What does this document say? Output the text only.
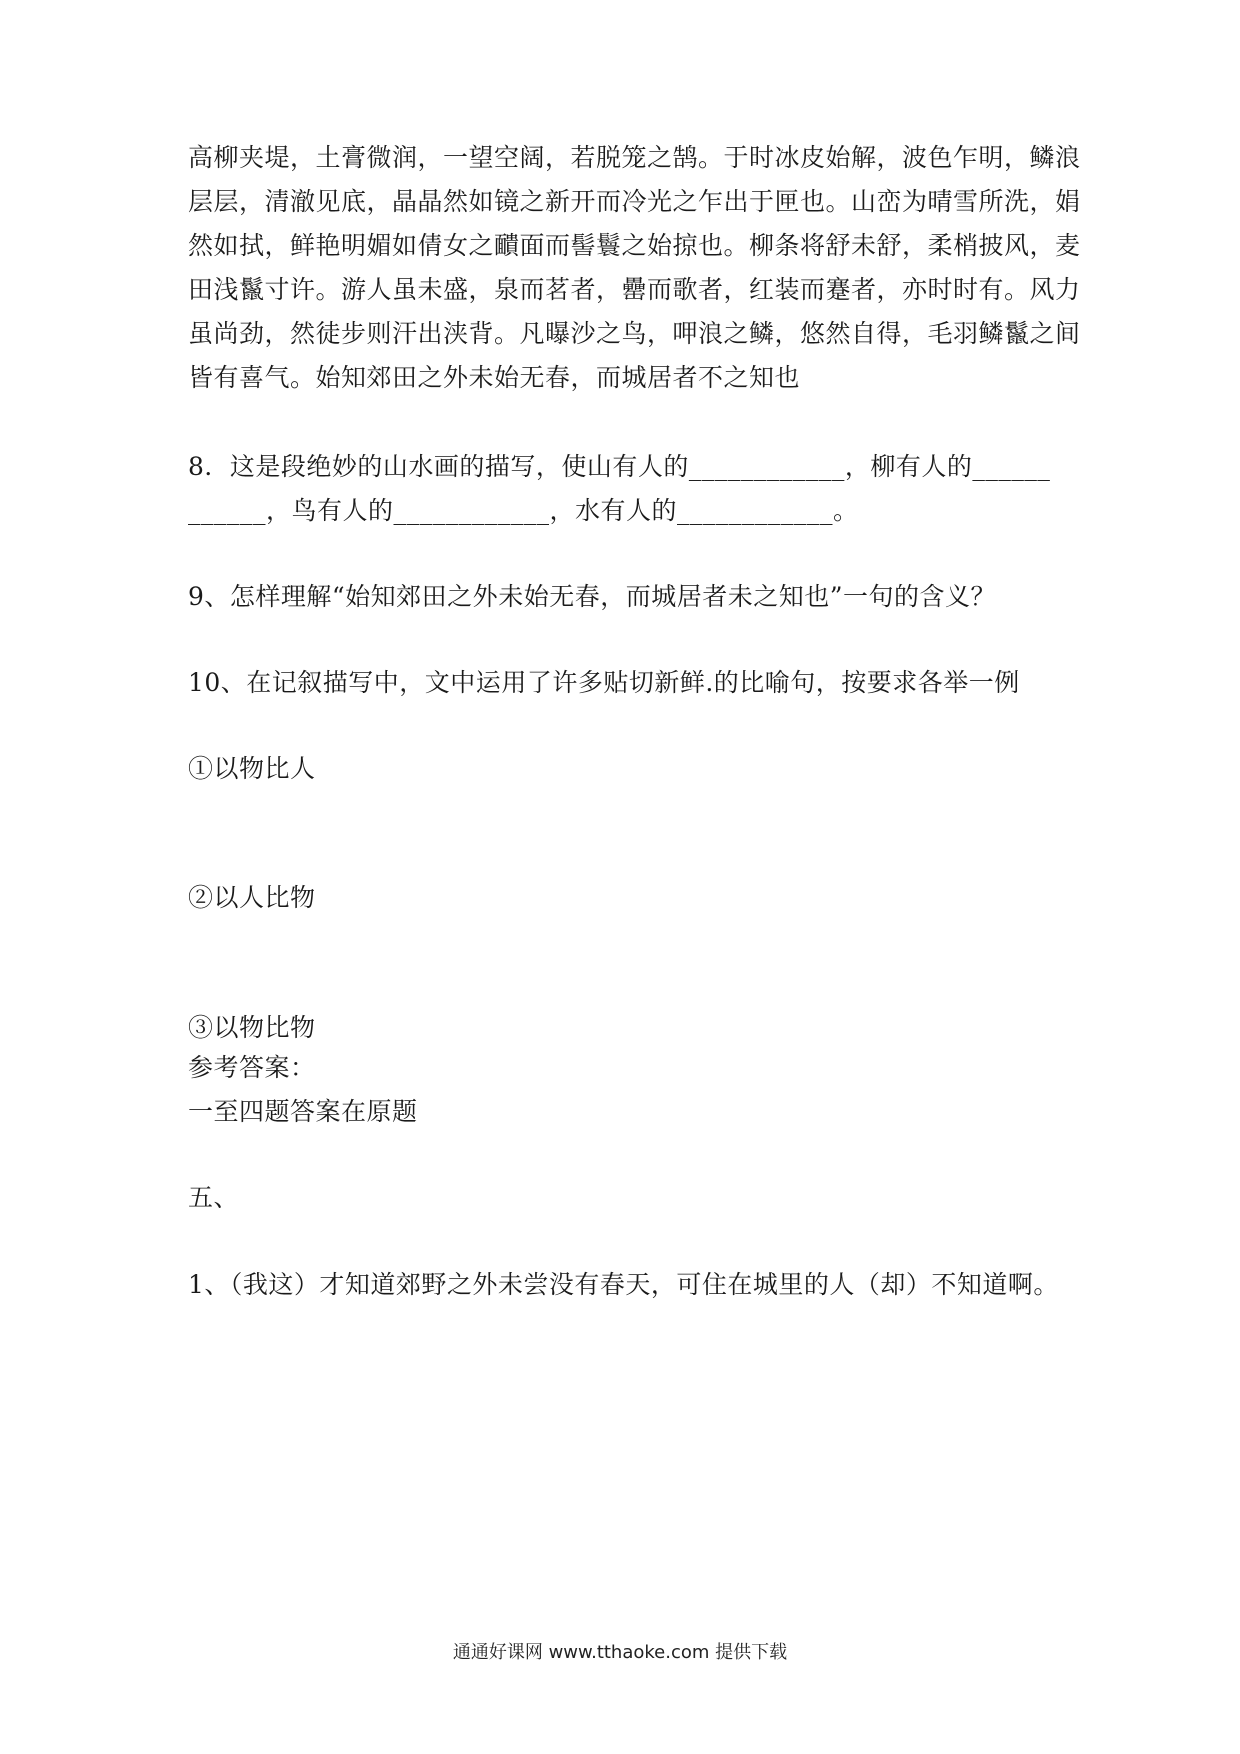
高柳夹堤，土膏微润，一望空阔，若脱笼之鹄。于时冰皮始解，波色乍明，鳞浪
层层，清澈见底，晶晶然如镜之新开而冷光之乍出于匣也。山峦为晴雪所洗，娟
然如拭，鲜艳明媚如倩女之靧面而髻鬟之始掠也。柳条将舒未舒，柔梢披风，麦
田浅鬣寸许。游人虽未盛，泉而茗者，罍而歌者，红装而蹇者，亦时时有。风力
虽尚劲，然徒步则汗出浃背。凡曝沙之鸟，呷浪之鳞，悠然自得，毛羽鳞鬣之间
皆有喜气。始知郊田之外未始无春，而城居者不之知也
8．这是段绝妙的山水画的描写，使山有人的____________，柳有人的______
______，鸟有人的____________，水有人的____________。
9、怎样理解“始知郊田之外未始无春，而城居者未之知也”一句的含义？
10、在记叙描写中，文中运用了许多贴切新鲜.的比喻句，按要求各举一例
①以物比人
②以人比物
③以物比物
参考答案：
一至四题答案在原题
五、
1、（我这）才知道郊野之外未尝没有春天，可住在城里的人（却）不知道啊。
通通好课网 www.tthaoke.com 提供下载
